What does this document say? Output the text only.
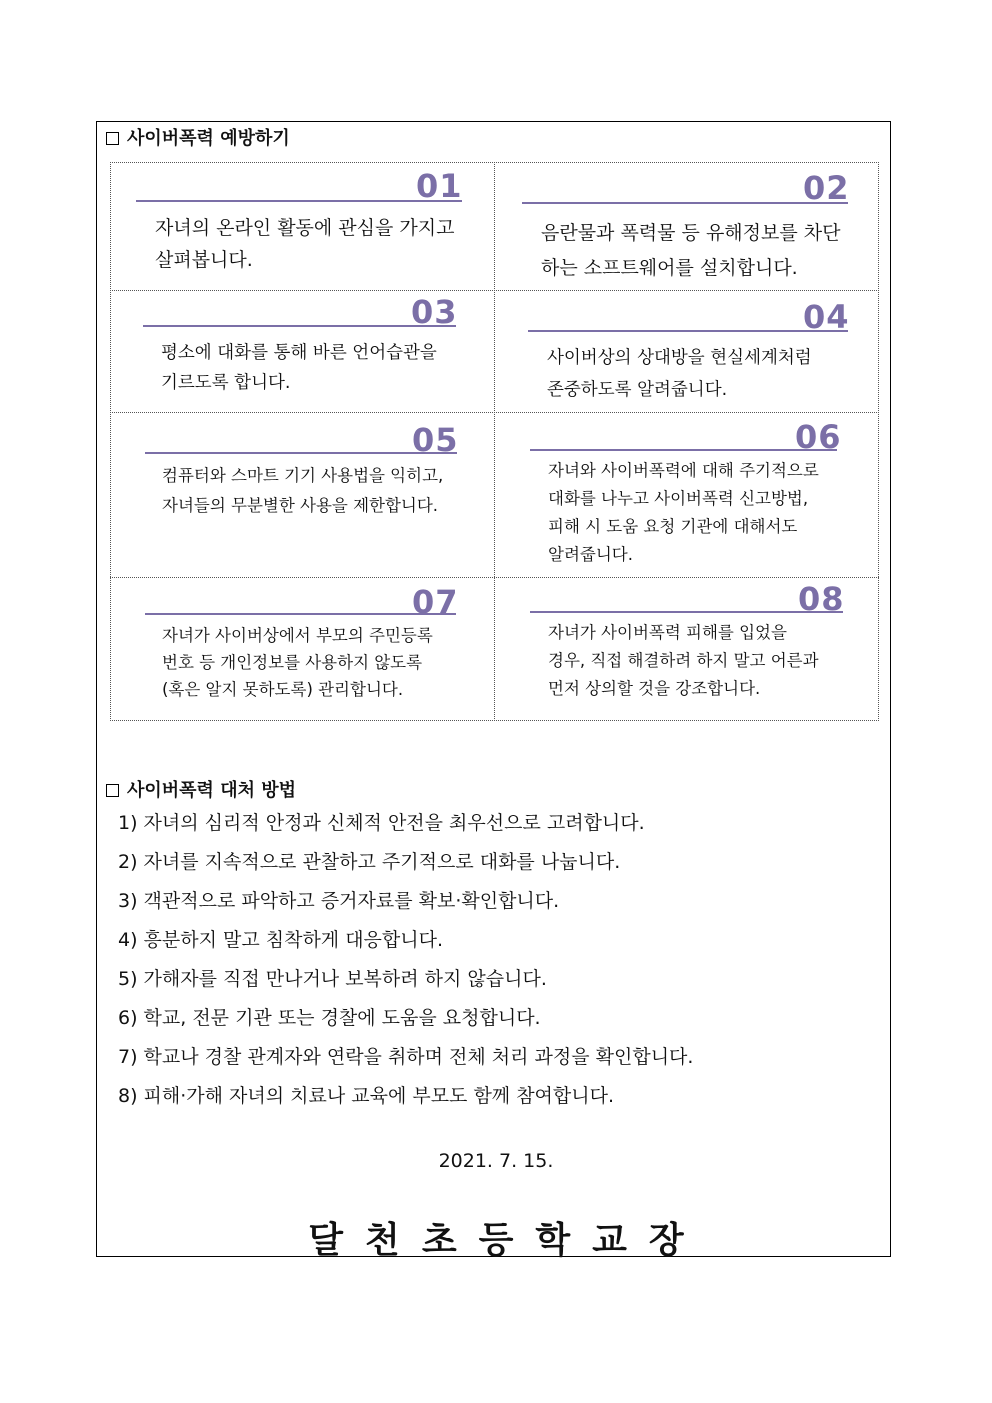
사이버폭력 예방하기
01
자녀의 온라인 활동에 관심을 가지고
살펴봅니다.
02
음란물과 폭력물 등 유해정보를 차단
하는 소프트웨어를 설치합니다.
03
평소에 대화를 통해 바른 언어습관을
기르도록 합니다.
04
사이버상의 상대방을 현실세계처럼
존중하도록 알려줍니다.
05
컴퓨터와 스마트 기기 사용법을 익히고,
자녀들의 무분별한 사용을 제한합니다.
06
자녀와 사이버폭력에 대해 주기적으로
대화를 나누고 사이버폭력 신고방법,
피해 시 도움 요청 기관에 대해서도
알려줍니다.
07
자녀가 사이버상에서 부모의 주민등록
번호 등 개인정보를 사용하지 않도록
(혹은 알지 못하도록) 관리합니다.
08
자녀가 사이버폭력 피해를 입었을
경우, 직접 해결하려 하지 말고 어른과
먼저 상의할 것을 강조합니다.
사이버폭력 대처 방법
1) 자녀의 심리적 안정과 신체적 안전을 최우선으로 고려합니다.
2) 자녀를 지속적으로 관찰하고 주기적으로 대화를 나눕니다.
3) 객관적으로 파악하고 증거자료를 확보·확인합니다.
4) 흥분하지 말고 침착하게 대응합니다.
5) 가해자를 직접 만나거나 보복하려 하지 않습니다.
6) 학교, 전문 기관 또는 경찰에 도움을 요청합니다.
7) 학교나 경찰 관계자와 연락을 취하며 전체 처리 과정을 확인합니다.
8) 피해·가해 자녀의 치료나 교육에 부모도 함께 참여합니다.
2021. 7. 15.
달천초등학교장
